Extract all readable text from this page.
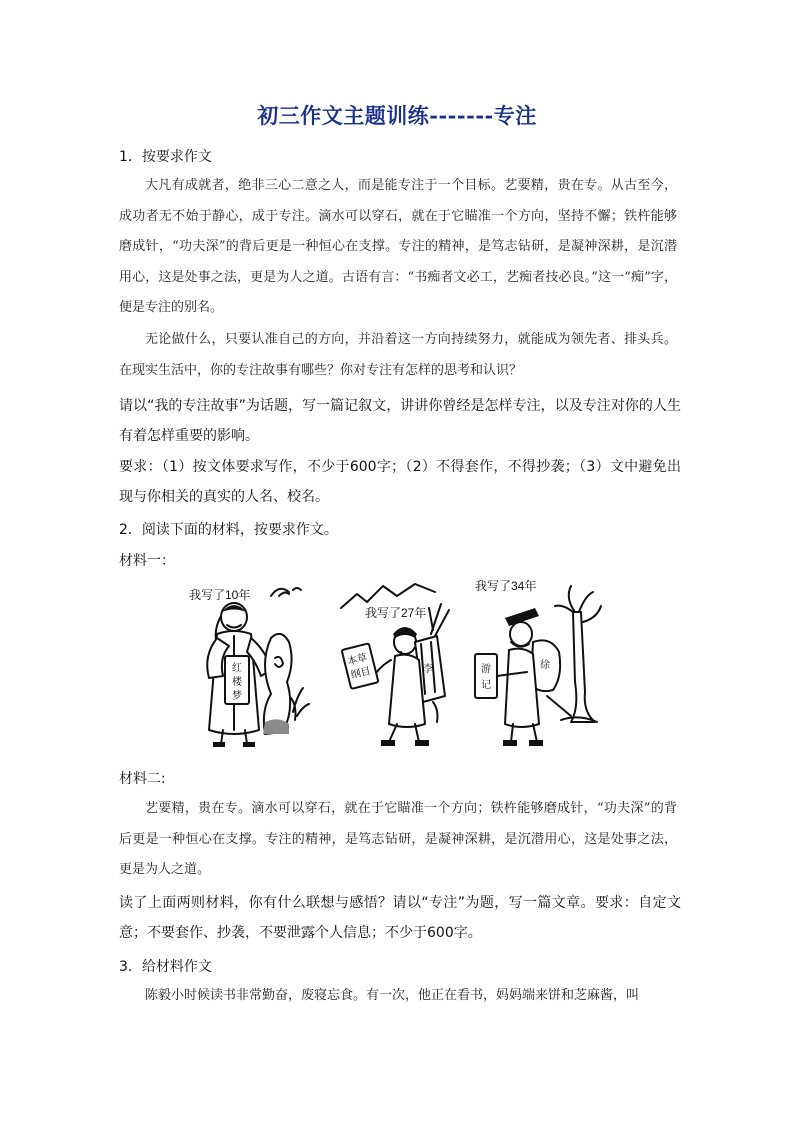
初三作文主题训练-------专注
1．按要求作文

大凡有成就者，绝非三心二意之人，而是能专注于一个目标。艺要精，贵在专。从古至今，成功者无不始于静心，成于专注。滴水可以穿石，就在于它瞄准一个方向，坚持不懈；铁杵能够磨成针，“功夫深”的背后更是一种恒心在支撑。专注的精神，是笃志钻研，是凝神深耕，是沉潜用心，这是处事之法，更是为人之道。古语有言：“书痴者文必工，艺痴者技必良。”这一“痴”字，便是专注的别名。

无论做什么，只要认准自己的方向，并沿着这一方向持续努力，就能成为领先者、排头兵。在现实生活中，你的专注故事有哪些？你对专注有怎样的思考和认识？

请以“我的专注故事”为话题，写一篇记叙文，讲讲你曾经是怎样专注，以及专注对你的人生有着怎样重要的影响。

要求：（1）按文体要求写作，不少于600字；（2）不得套作，不得抄袭；（3）文中避免出现与你相关的真实的人名、校名。

2．阅读下面的材料，按要求作文。
材料一：
我写了10年
红
楼
梦
我写了27年
李
本草
纲目
我写了34年
徐
游
记
材料二:

艺要精，贵在专。滴水可以穿石，就在于它瞄准一个方向；铁杵能够磨成针，“功夫深”的背后更是一种恒心在支撑。专注的精神，是笃志钻研，是凝神深耕，是沉潜用心，这是处事之法，更是为人之道。

读了上面两则材料，你有什么联想与感悟？请以“专注”为题，写一篇文章。要求：自定文意；不要套作、抄袭，不要泄露个人信息；不少于600字。

3．给材料作文

陈毅小时候读书非常勤奋，废寝忘食。有一次，他正在看书，妈妈端来饼和芝麻酱，叫
